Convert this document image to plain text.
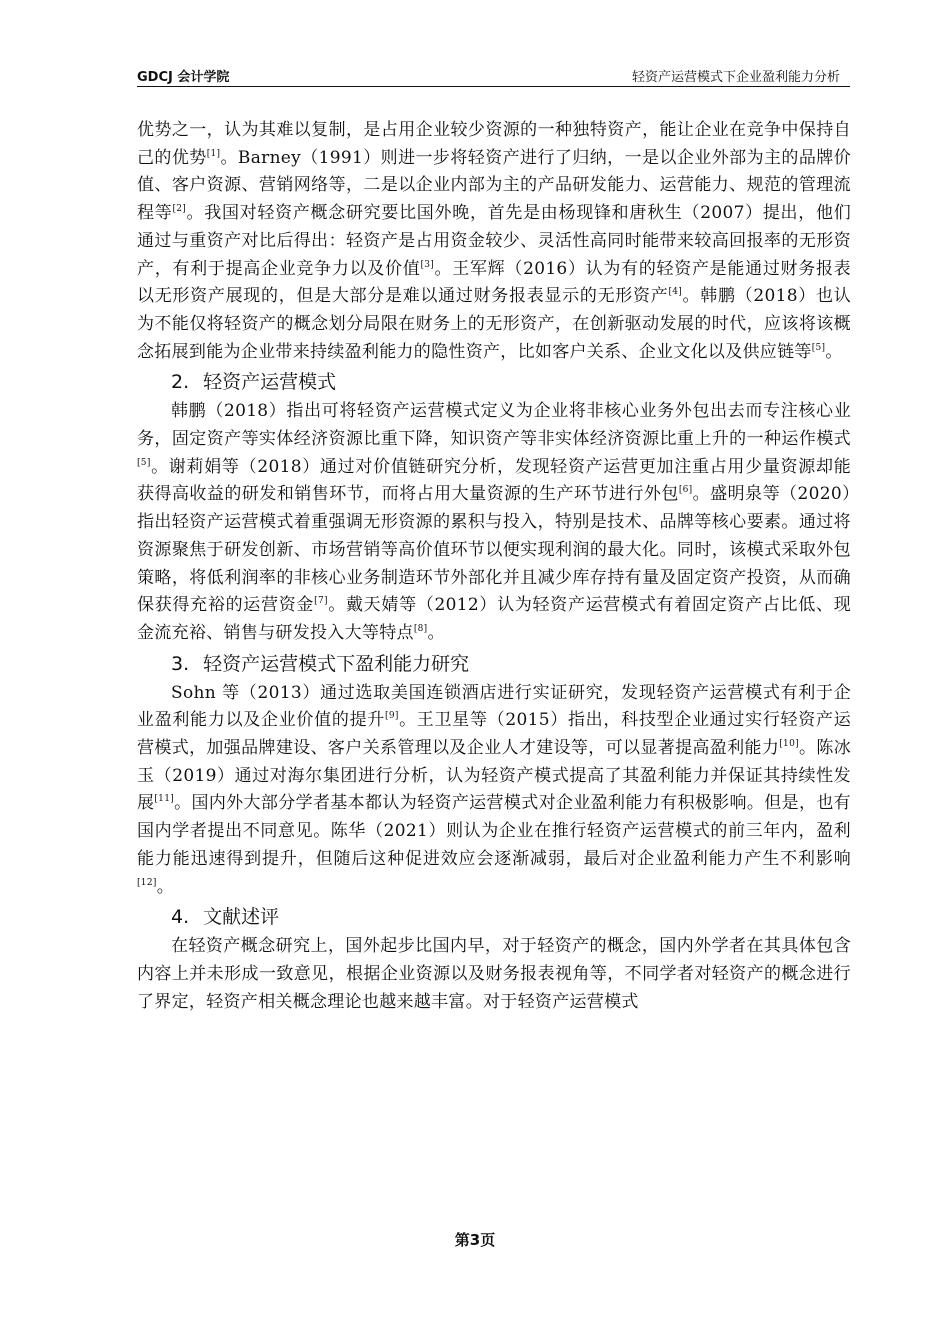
GDCJ 会计学院	轻资产运营模式下企业盈利能力分析

优势之一，认为其难以复制，是占用企业较少资源的一种独特资产，能让企业在竞争中保持自己的优势[1]。Barney（1991）则进一步将轻资产进行了归纳，一是以企业外部为主的品牌价值、客户资源、营销网络等，二是以企业内部为主的产品研发能力、运营能力、规范的管理流程等[2]。我国对轻资产概念研究要比国外晚，首先是由杨现锋和唐秋生（2007）提出，他们通过与重资产对比后得出：轻资产是占用资金较少、灵活性高同时能带来较高回报率的无形资产，有利于提高企业竞争力以及价值[3]。王军辉（2016）认为有的轻资产是能通过财务报表以无形资产展现的，但是大部分是难以通过财务报表显示的无形资产[4]。韩鹏（2018）也认为不能仅将轻资产的概念划分局限在财务上的无形资产，在创新驱动发展的时代，应该将该概念拓展到能为企业带来持续盈利能力的隐性资产，比如客户关系、企业文化以及供应链等[5]。

2. 轻资产运营模式

韩鹏（2018）指出可将轻资产运营模式定义为企业将非核心业务外包出去而专注核心业务，固定资产等实体经济资源比重下降，知识资产等非实体经济资源比重上升的一种运作模式[5]。谢莉娟等（2018）通过对价值链研究分析，发现轻资产运营更加注重占用少量资源却能获得高收益的研发和销售环节，而将占用大量资源的生产环节进行外包[6]。盛明泉等（2020）指出轻资产运营模式着重强调无形资源的累积与投入，特别是技术、品牌等核心要素。通过将资源聚焦于研发创新、市场营销等高价值环节以便实现利润的最大化。同时，该模式采取外包策略，将低利润率的非核心业务制造环节外部化并且减少库存持有量及固定资产投资，从而确保获得充裕的运营资金[7]。戴天婧等（2012）认为轻资产运营模式有着固定资产占比低、现金流充裕、销售与研发投入大等特点[8]。

3. 轻资产运营模式下盈利能力研究

Sohn 等（2013）通过选取美国连锁酒店进行实证研究，发现轻资产运营模式有利于企业盈利能力以及企业价值的提升[9]。王卫星等（2015）指出，科技型企业通过实行轻资产运营模式，加强品牌建设、客户关系管理以及企业人才建设等，可以显著提高盈利能力[10]。陈冰玉（2019）通过对海尔集团进行分析，认为轻资产模式提高了其盈利能力并保证其持续性发展[11]。国内外大部分学者基本都认为轻资产运营模式对企业盈利能力有积极影响。但是，也有国内学者提出不同意见。陈华（2021）则认为企业在推行轻资产运营模式的前三年内，盈利能力能迅速得到提升，但随后这种促进效应会逐渐减弱，最后对企业盈利能力产生不利影响[12]。

4. 文献述评

在轻资产概念研究上，国外起步比国内早，对于轻资产的概念，国内外学者在其具体包含内容上并未形成一致意见，根据企业资源以及财务报表视角等，不同学者对轻资产的概念进行了界定，轻资产相关概念理论也越来越丰富。对于轻资产运营模式

第3页
